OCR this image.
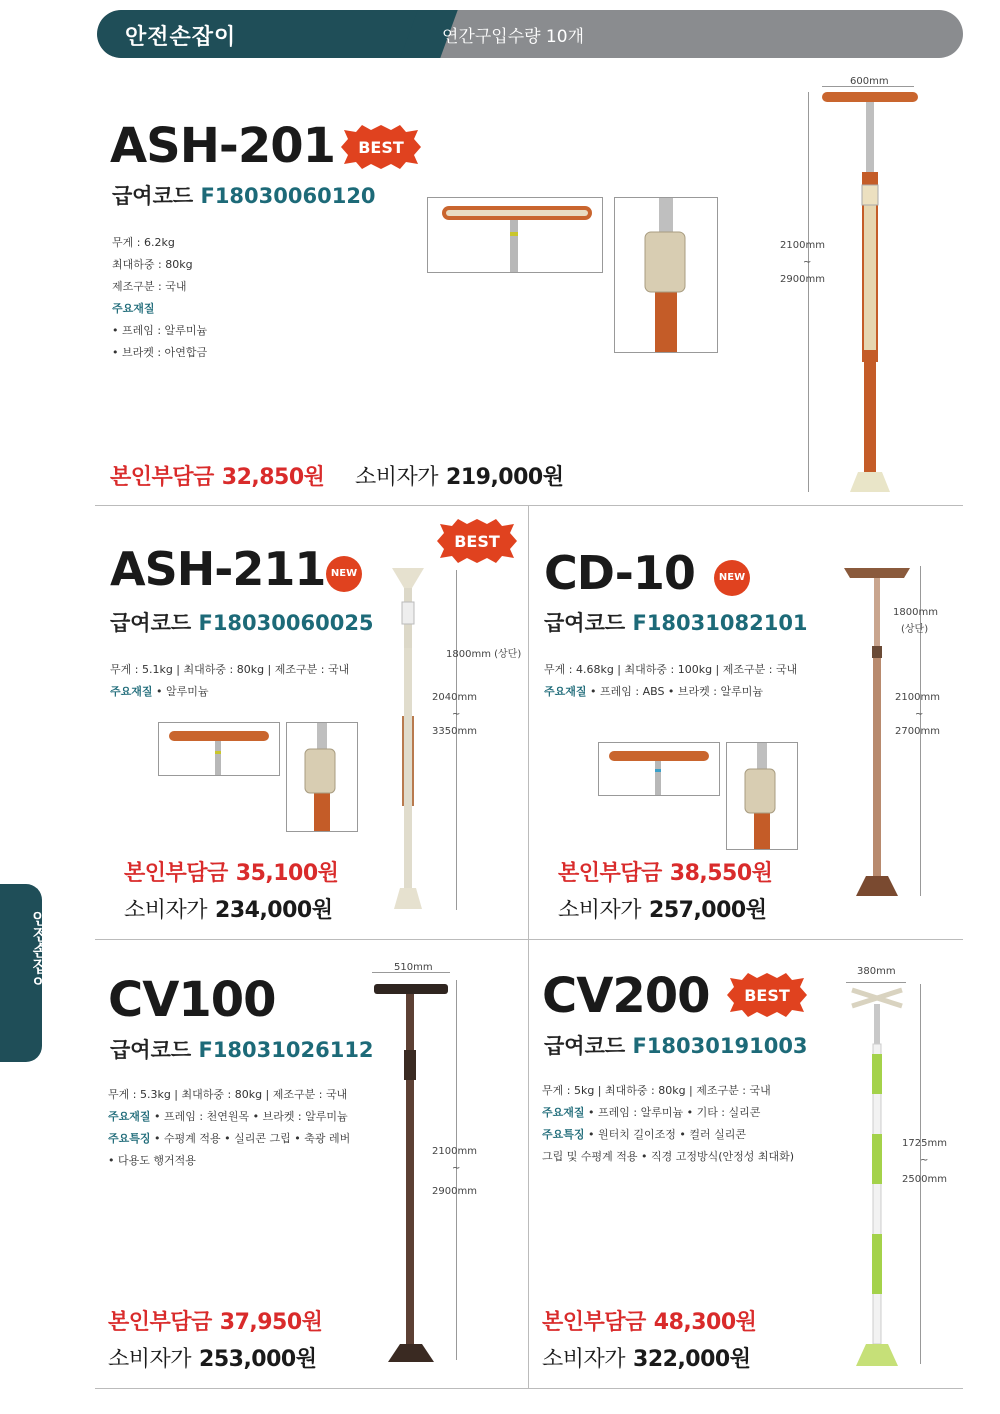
안전손잡이	연간구입수량 10개
안전손잡이
ASH-201 BEST
급여코드 F18030060120
무게 : 6.2kg
최대하중 : 80kg
제조구분 : 국내
주요재질
• 프레임 : 알루미늄
• 브라켓 : 아연합금
600mm
2100mm
~
2900mm
본인부담금 32,850원 소비자가 219,000원
BEST
ASH-211 NEW
급여코드 F18030060025
무게 : 5.1kg | 최대하중 : 80kg | 제조구분 : 국내
주요재질 • 알루미늄
1800mm (상단)
2040mm
~
3350mm
본인부담금 35,100원
소비자가 234,000원
CD-10	NEW
급여코드 F18031082101
무게 : 4.68kg | 최대하중 : 100kg | 제조구분 : 국내
주요재질 • 프레임 : ABS • 브라켓 : 알루미늄
1800mm
(상단)
2100mm
~
2700mm
본인부담금 38,550원
소비자가 257,000원
CV100
급여코드 F18031026112
무게 : 5.3kg | 최대하중 : 80kg | 제조구분 : 국내
주요재질 • 프레임 : 천연원목 • 브라켓 : 알루미늄
주요특징 • 수평계 적용 • 실리콘 그립 • 축광 레버
• 다용도 행거적용
510mm
2100mm
~
2900mm
본인부담금 37,950원
소비자가 253,000원
CV200 BEST
급여코드 F18030191003
무게 : 5kg | 최대하중 : 80kg | 제조구분 : 국내
주요재질 • 프레임 : 알루미늄 • 기타 : 실리콘
주요특징 • 원터치 길이조정 • 컬러 실리콘
그립 및 수평계 적용 • 직경 고정방식(안정성 최대화)
380mm
1725mm
~
2500mm
본인부담금 48,300원
소비자가 322,000원
